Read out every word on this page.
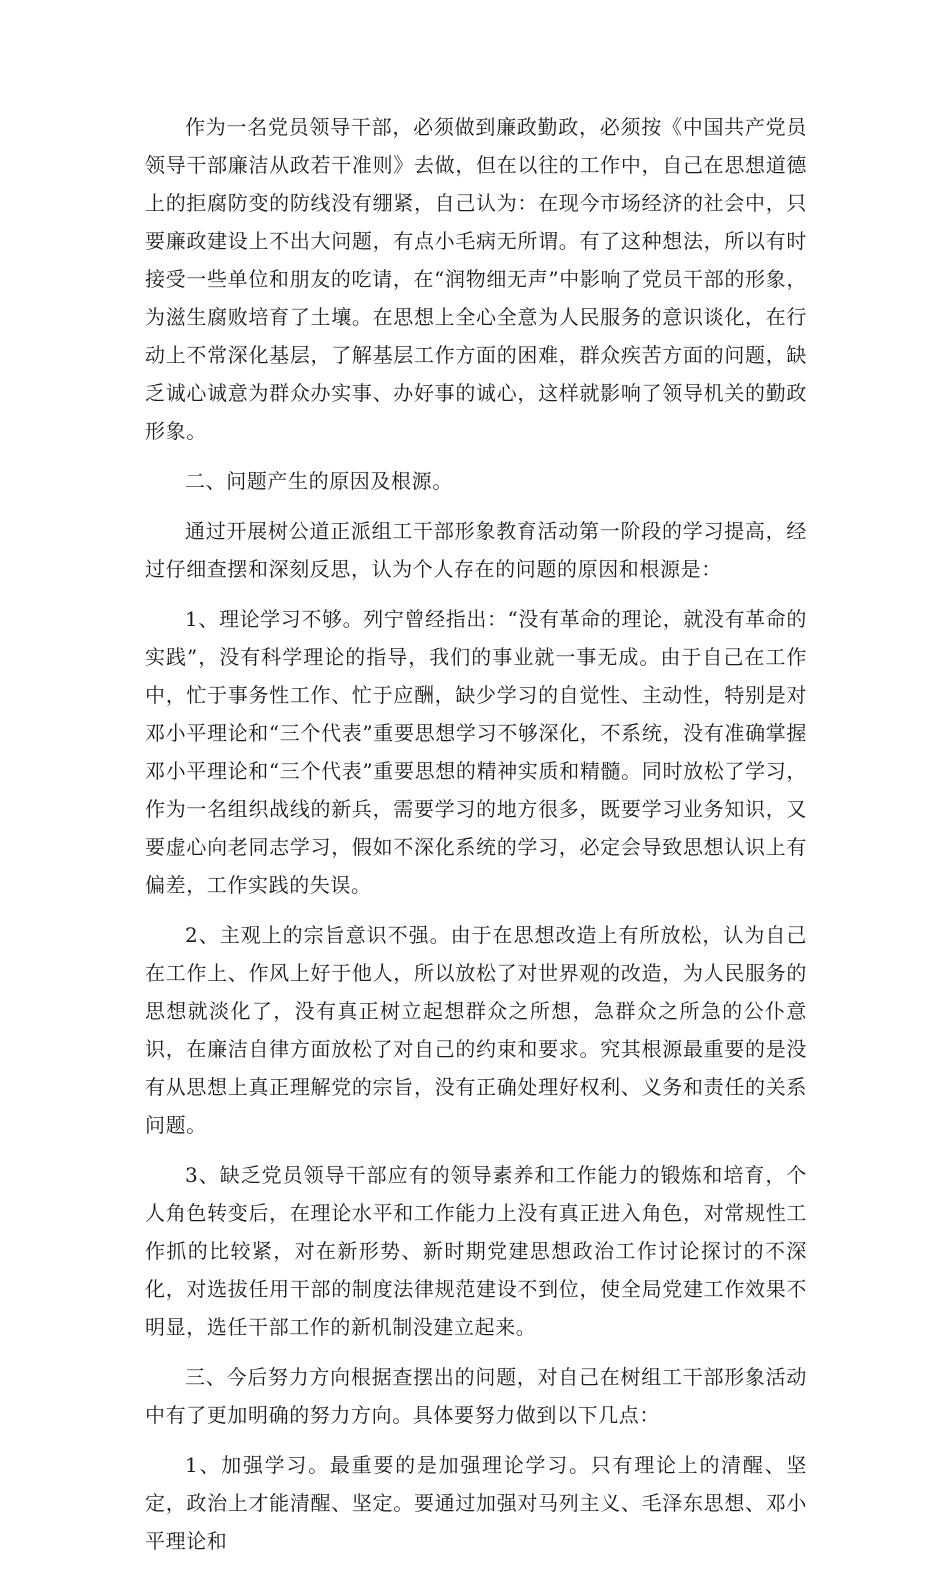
作为一名党员领导干部，必须做到廉政勤政，必须按《中国共产党员领导干部廉洁从政若干准则》去做，但在以往的工作中，自己在思想道德上的拒腐防变的防线没有绷紧，自己认为：在现今市场经济的社会中，只要廉政建设上不出大问题，有点小毛病无所谓。有了这种想法，所以有时接受一些单位和朋友的吃请，在“润物细无声”中影响了党员干部的形象，为滋生腐败培育了土壤。在思想上全心全意为人民服务的意识谈化，在行动上不常深化基层，了解基层工作方面的困难，群众疾苦方面的问题，缺乏诚心诚意为群众办实事、办好事的诚心，这样就影响了领导机关的勤政形象。

二、问题产生的原因及根源。

通过开展树公道正派组工干部形象教育活动第一阶段的学习提高，经过仔细查摆和深刻反思，认为个人存在的问题的原因和根源是：

1、理论学习不够。列宁曾经指出：“没有革命的理论，就没有革命的实践”，没有科学理论的指导，我们的事业就一事无成。由于自己在工作中，忙于事务性工作、忙于应酬，缺少学习的自觉性、主动性，特别是对邓小平理论和“三个代表”重要思想学习不够深化，不系统，没有准确掌握邓小平理论和“三个代表”重要思想的精神实质和精髓。同时放松了学习，作为一名组织战线的新兵，需要学习的地方很多，既要学习业务知识，又要虚心向老同志学习，假如不深化系统的学习，必定会导致思想认识上有偏差，工作实践的失误。

2、主观上的宗旨意识不强。由于在思想改造上有所放松，认为自己在工作上、作风上好于他人，所以放松了对世界观的改造，为人民服务的思想就淡化了，没有真正树立起想群众之所想，急群众之所急的公仆意识，在廉洁自律方面放松了对自己的约束和要求。究其根源最重要的是没有从思想上真正理解党的宗旨，没有正确处理好权利、义务和责任的关系问题。

3、缺乏党员领导干部应有的领导素养和工作能力的锻炼和培育，个人角色转变后，在理论水平和工作能力上没有真正进入角色，对常规性工作抓的比较紧，对在新形势、新时期党建思想政治工作讨论探讨的不深化，对选拔任用干部的制度法律规范建设不到位，使全局党建工作效果不明显，选任干部工作的新机制没建立起来。

三、今后努力方向根据查摆出的问题，对自己在树组工干部形象活动中有了更加明确的努力方向。具体要努力做到以下几点：

1、加强学习。最重要的是加强理论学习。只有理论上的清醒、坚定，政治上才能清醒、坚定。要通过加强对马列主义、毛泽东思想、邓小平理论和
